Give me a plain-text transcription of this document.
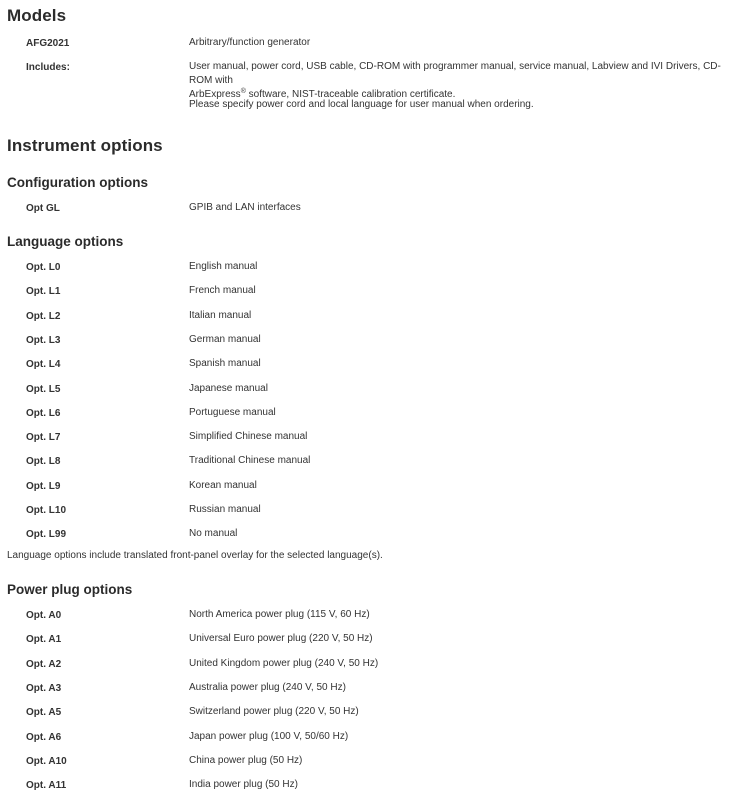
Models
AFG2021	Arbitrary/function generator
Includes:	User manual, power cord, USB cable, CD-ROM with programmer manual, service manual, Labview and IVI Drivers, CD-ROM with
ArbExpress® software, NIST-traceable calibration certificate.
Please specify power cord and local language for user manual when ordering.
Instrument options
Configuration options
Opt GL	GPIB and LAN interfaces
Language options
Opt. L0	English manual
Opt. L1	French manual
Opt. L2	Italian manual
Opt. L3	German manual
Opt. L4	Spanish manual
Opt. L5	Japanese manual
Opt. L6	Portuguese manual
Opt. L7	Simplified Chinese manual
Opt. L8	Traditional Chinese manual
Opt. L9	Korean manual
Opt. L10	Russian manual
Opt. L99	No manual
Language options include translated front-panel overlay for the selected language(s).
Power plug options
Opt. A0	North America power plug (115 V, 60 Hz)
Opt. A1	Universal Euro power plug (220 V, 50 Hz)
Opt. A2	United Kingdom power plug (240 V, 50 Hz)
Opt. A3	Australia power plug (240 V, 50 Hz)
Opt. A5	Switzerland power plug (220 V, 50 Hz)
Opt. A6	Japan power plug (100 V, 50/60 Hz)
Opt. A10	China power plug (50 Hz)
Opt. A11	India power plug (50 Hz)
